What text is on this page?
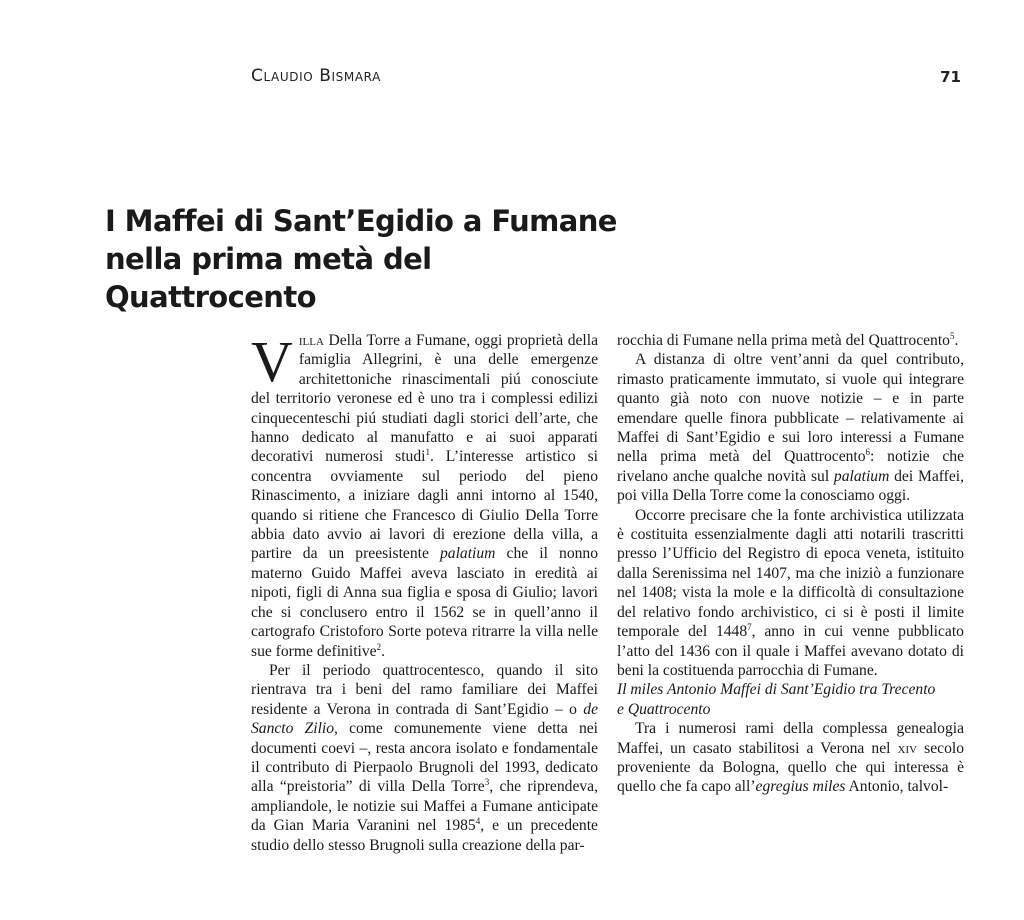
Claudio Bismara	71
I Maffei di Sant’Egidio a Fumane
nella prima metà del Quattrocento

Villa Della Torre a Fumane, oggi proprietà della famiglia Allegrini, è una delle emergenze architettoniche rinascimentali piú conosciute del territorio veronese ed è uno tra i complessi edilizi cinquecenteschi piú studiati dagli storici dell’arte, che hanno dedicato al manufatto e ai suoi apparati decorativi numerosi studi$^1$. L’interesse artistico si concentra ovviamente sul periodo del pieno Rinascimento, a iniziare dagli anni intorno al 1540, quando si ritiene che Francesco di Giulio Della Torre abbia dato avvio ai lavori di erezione della villa, a partire da un preesistente palatium che il nonno materno Guido Maffei aveva lasciato in eredità ai nipoti, figli di Anna sua figlia e sposa di Giulio; lavori che si conclusero entro il 1562 se in quell’anno il cartografo Cristoforo Sorte poteva ritrarre la villa nelle sue forme definitive$^2$.

Per il periodo quattrocentesco, quando il sito rientrava tra i beni del ramo familiare dei Maffei residente a Verona in contrada di Sant’Egidio – o de Sancto Zilio, come comunemente viene detta nei documenti coevi –, resta ancora isolato e fondamentale il contributo di Pierpaolo Brugnoli del 1993, dedicato alla “preistoria” di villa Della Torre$^3$, che riprendeva, ampliandole, le notizie sui Maffei a Fumane anticipate da Gian Maria Varanini nel 1985$^4$, e un precedente studio dello stesso Brugnoli sulla creazione della par-

rocchia di Fumane nella prima metà del Quattrocento$^5$.

A distanza di oltre vent’anni da quel contributo, rimasto praticamente immutato, si vuole qui integrare quanto già noto con nuove notizie – e in parte emendare quelle finora pubblicate – relativamente ai Maffei di Sant’Egidio e sui loro interessi a Fumane nella prima metà del Quattrocento$^6$: notizie che rivelano anche qualche novità sul palatium dei Maffei, poi villa Della Torre come la conosciamo oggi.

Occorre precisare che la fonte archivistica utilizzata è costituita essenzialmente dagli atti notarili trascritti presso l’Ufficio del Registro di epoca veneta, istituito dalla Serenissima nel 1407, ma che iniziò a funzionare nel 1408; vista la mole e la difficoltà di consultazione del relativo fondo archivistico, ci si è posti il limite temporale del 1448$^7$, anno in cui venne pubblicato l’atto del 1436 con il quale i Maffei avevano dotato di beni la costituenda parrocchia di Fumane.

Il miles Antonio Maffei di Sant’Egidio tra Trecento
e Quattrocento

Tra i numerosi rami della complessa genealogia Maffei, un casato stabilitosi a Verona nel xiv secolo proveniente da Bologna, quello che qui interessa è quello che fa capo all’egregius miles Antonio, talvol-
